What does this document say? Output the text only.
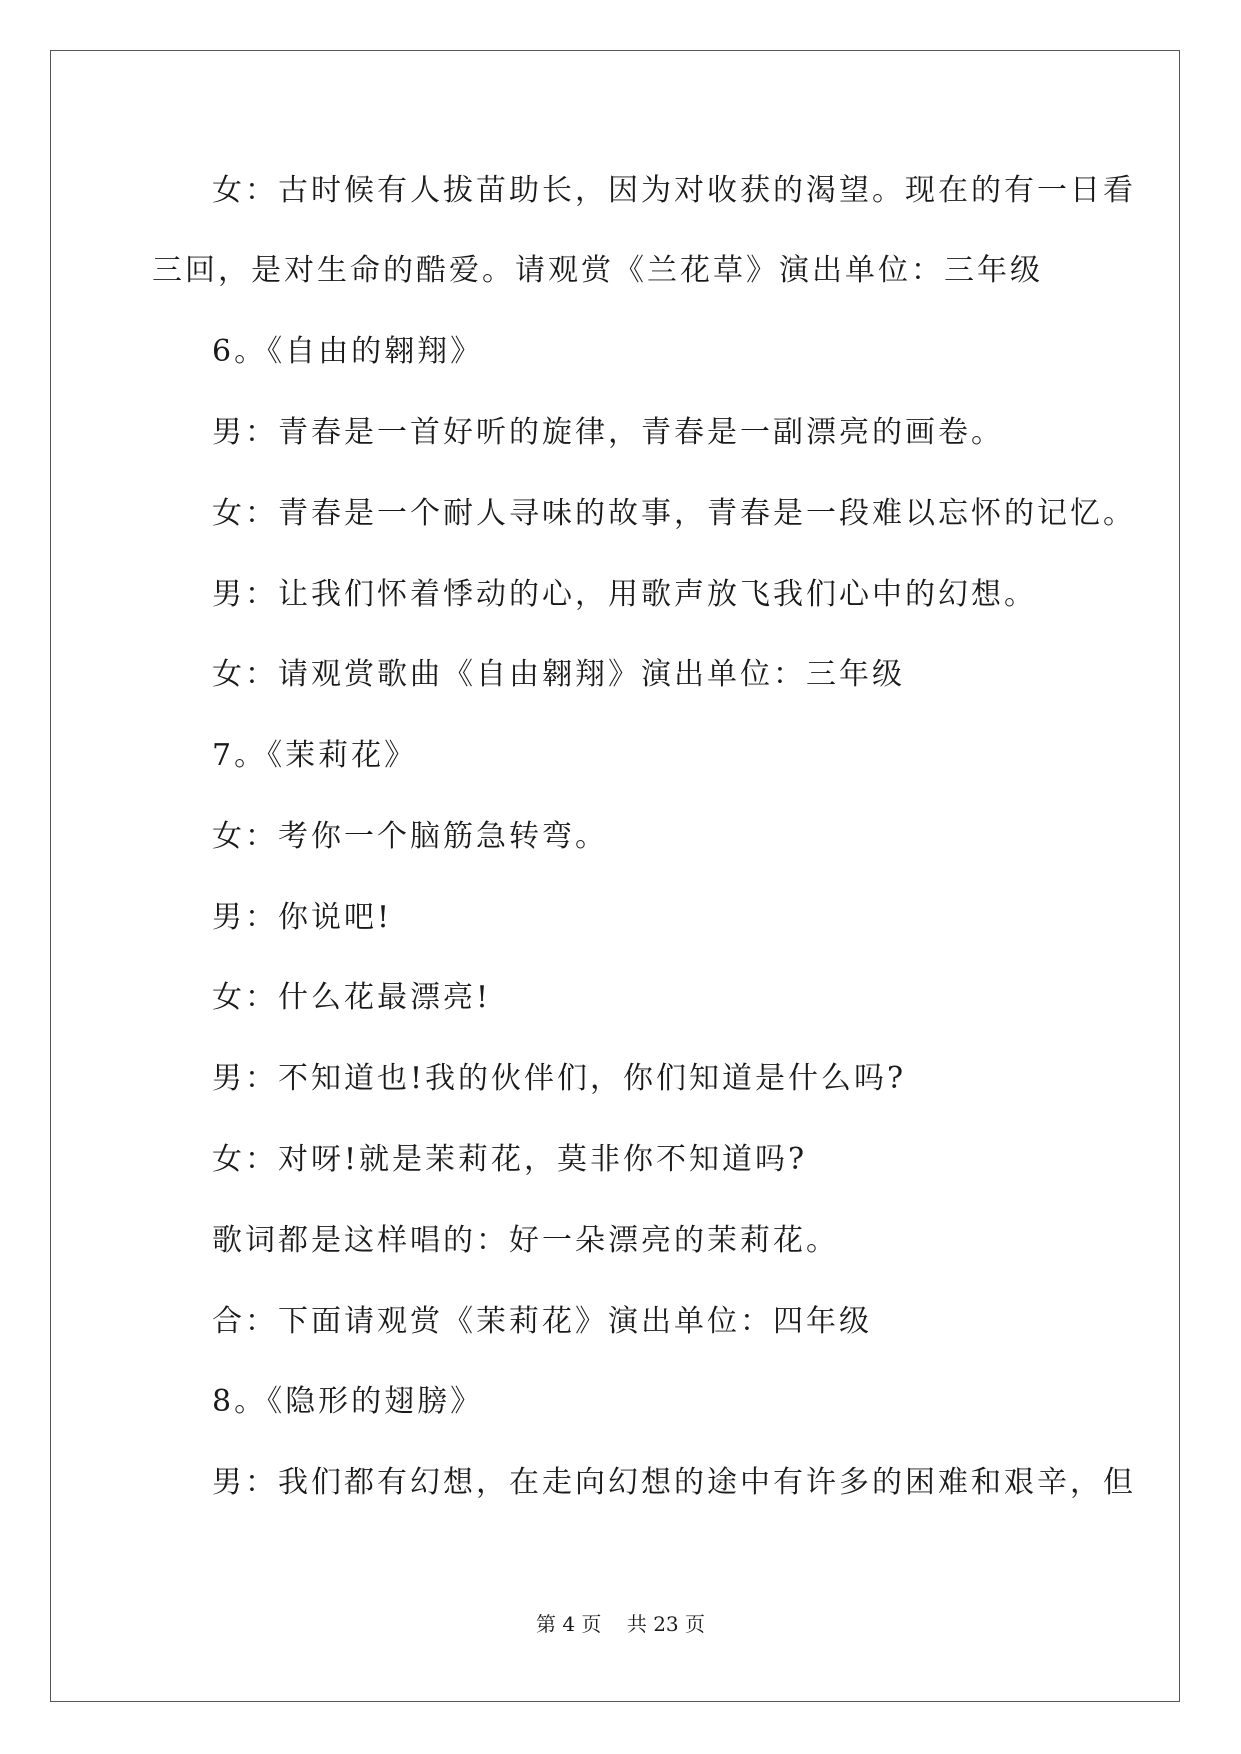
女：古时候有人拔苗助长，因为对收获的渴望。现在的有一日看
三回，是对生命的酷爱。请观赏《兰花草》演出单位：三年级
6。《自由的翱翔》
男：青春是一首好听的旋律，青春是一副漂亮的画卷。
女：青春是一个耐人寻味的故事，青春是一段难以忘怀的记忆。
男：让我们怀着悸动的心，用歌声放飞我们心中的幻想。
女：请观赏歌曲《自由翱翔》演出单位：三年级
7。《茉莉花》
女：考你一个脑筋急转弯。
男：你说吧!
女：什么花最漂亮!
男：不知道也!我的伙伴们，你们知道是什么吗?
女：对呀!就是茉莉花，莫非你不知道吗?
歌词都是这样唱的：好一朵漂亮的茉莉花。
合：下面请观赏《茉莉花》演出单位：四年级
8。《隐形的翅膀》
男：我们都有幻想，在走向幻想的途中有许多的困难和艰辛，但
第 4 页    共 23 页
